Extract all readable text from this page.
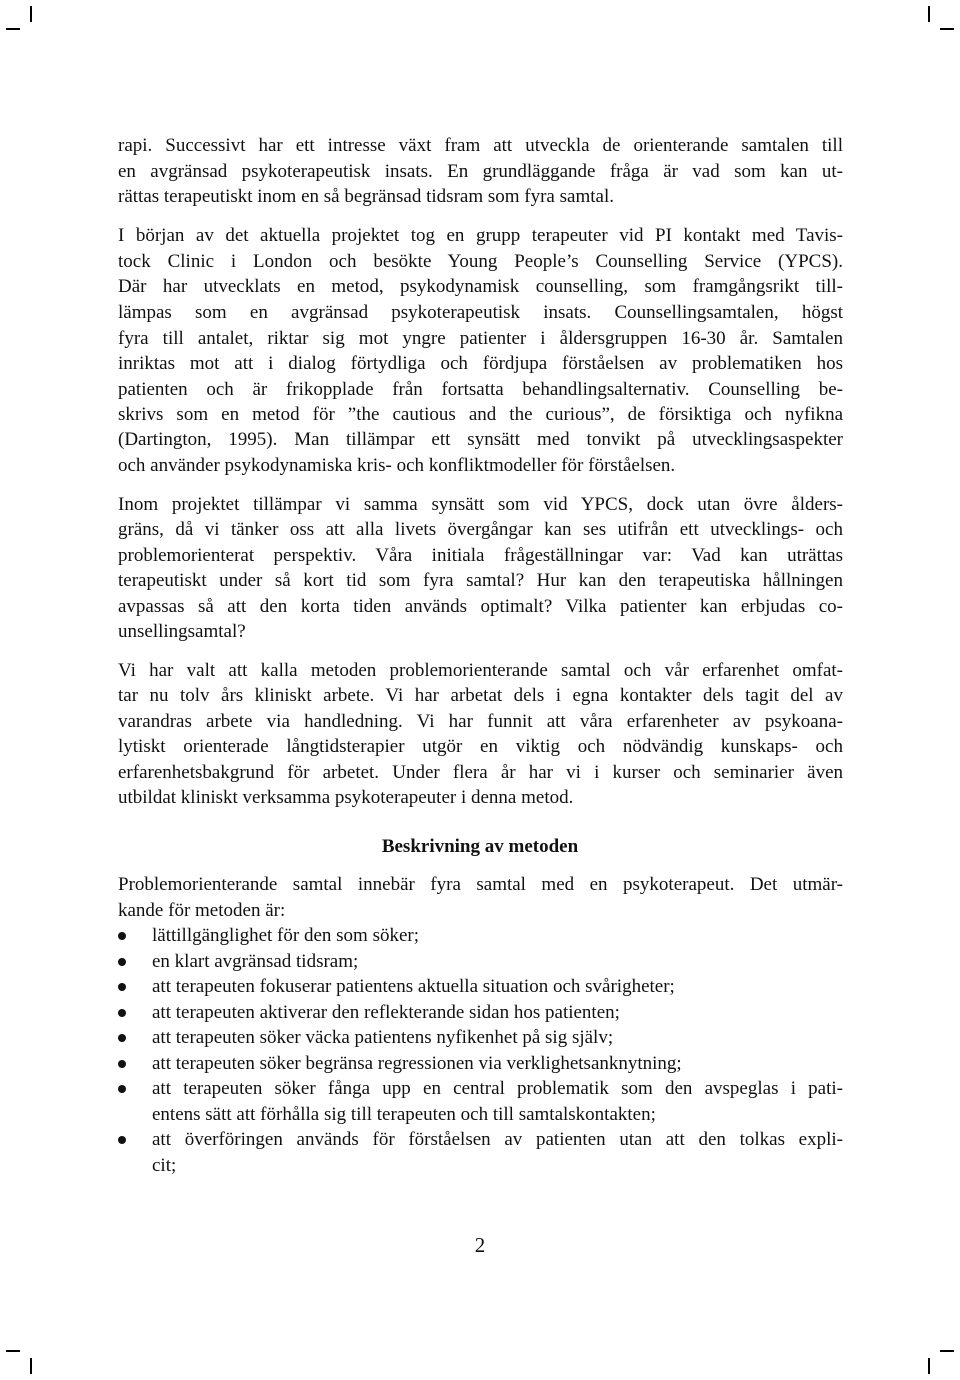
rapi. Successivt har ett intresse växt fram att utveckla de orienterande samtalen till
en avgränsad psykoterapeutisk insats. En grundläggande fråga är vad som kan ut-
rättas terapeutiskt inom en så begränsad tidsram som fyra samtal.
I början av det aktuella projektet tog en grupp terapeuter vid PI kontakt med Tavis-
tock Clinic i London och besökte Young People’s Counselling Service (YPCS).
Där har utvecklats en metod, psykodynamisk counselling, som framgångsrikt till-
lämpas som en avgränsad psykoterapeutisk insats. Counsellingsamtalen, högst
fyra till antalet, riktar sig mot yngre patienter i åldersgruppen 16-30 år. Samtalen
inriktas mot att i dialog förtydliga och fördjupa förståelsen av problematiken hos
patienten och är frikopplade från fortsatta behandlingsalternativ. Counselling be-
skrivs som en metod för ”the cautious and the curious”, de försiktiga och nyfikna
(Dartington, 1995). Man tillämpar ett synsätt med tonvikt på utvecklingsaspekter
och använder psykodynamiska kris- och konfliktmodeller för förståelsen.
Inom projektet tillämpar vi samma synsätt som vid YPCS, dock utan övre ålders-
gräns, då vi tänker oss att alla livets övergångar kan ses utifrån ett utvecklings- och
problemorienterat perspektiv. Våra initiala frågeställningar var: Vad kan uträttas
terapeutiskt under så kort tid som fyra samtal? Hur kan den terapeutiska hållningen
avpassas så att den korta tiden används optimalt? Vilka patienter kan erbjudas co-
unsellingsamtal?
Vi har valt att kalla metoden problemorienterande samtal och vår erfarenhet omfat-
tar nu tolv års kliniskt arbete. Vi har arbetat dels i egna kontakter dels tagit del av
varandras arbete via handledning. Vi har funnit att våra erfarenheter av psykoana-
lytiskt orienterade långtidsterapier utgör en viktig och nödvändig kunskaps- och
erfarenhetsbakgrund för arbetet. Under flera år har vi i kurser och seminarier även
utbildat kliniskt verksamma psykoterapeuter i denna metod.
Beskrivning av metoden
Problemorienterande samtal innebär fyra samtal med en psykoterapeut. Det utmär-
kande för metoden är:
lättillgänglighet för den som söker;
en klart avgränsad tidsram;
att terapeuten fokuserar patientens aktuella situation och svårigheter;
att terapeuten aktiverar den reflekterande sidan hos patienten;
att terapeuten söker väcka patientens nyfikenhet på sig själv;
att terapeuten söker begränsa regressionen via verklighetsanknytning;
att terapeuten söker fånga upp en central problematik som den avspeglas i pati-
entens sätt att förhålla sig till terapeuten och till samtalskontakten;
att överföringen används för förståelsen av patienten utan att den tolkas expli-
cit;
2
